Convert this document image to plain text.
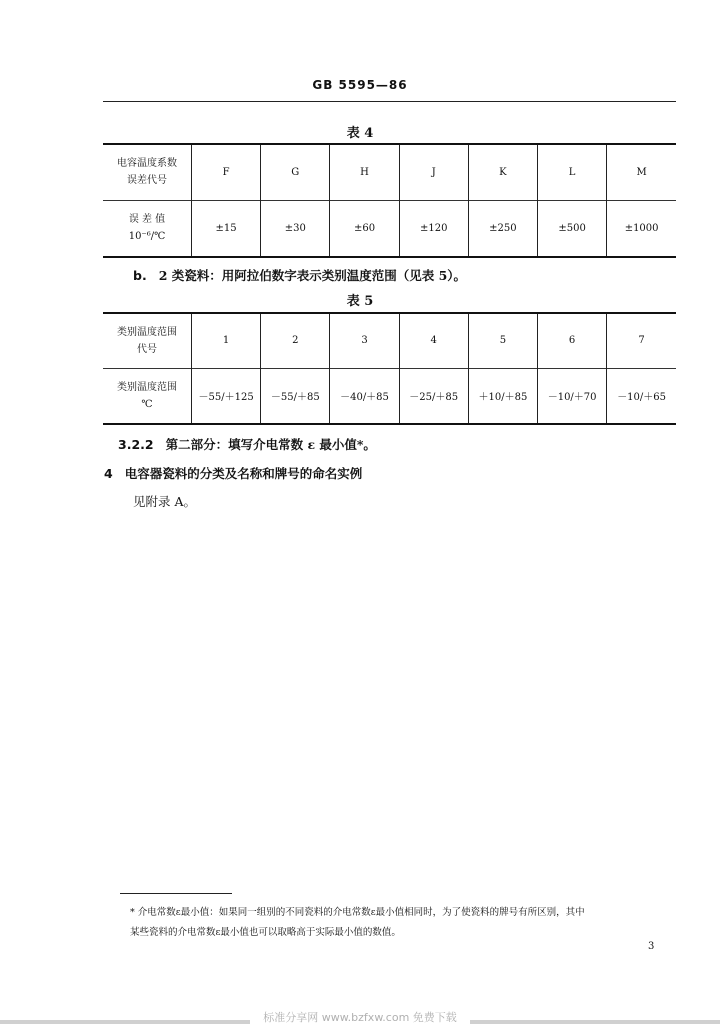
GB 5595—86
表 4
电容温度系数
误差代号	F	G	H	J	K	L	M

误 差 值
10⁻⁶/℃	±15	±30	±60	±120	±250	±500	±1000
b. 2 类瓷料：用阿拉伯数字表示类别温度范围（见表 5）。
表 5
类别温度范围
代号	1	2	3	4	5	6	7

类别温度范围
℃	－55/＋125	－55/＋85	－40/＋85	－25/＋85	＋10/＋85	－10/＋70	－10/＋65
3.2.2 第二部分：填写介电常数 ε 最小值*。
4 电容器瓷料的分类及名称和牌号的命名实例
见附录 A。
* 介电常数ε最小值：如果同一组别的不同瓷料的介电常数ε最小值相同时，为了使瓷料的牌号有所区别，其中
某些瓷料的介电常数ε最小值也可以取略高于实际最小值的数值。
3
标准分享网 www.bzfxw.com 免费下载
